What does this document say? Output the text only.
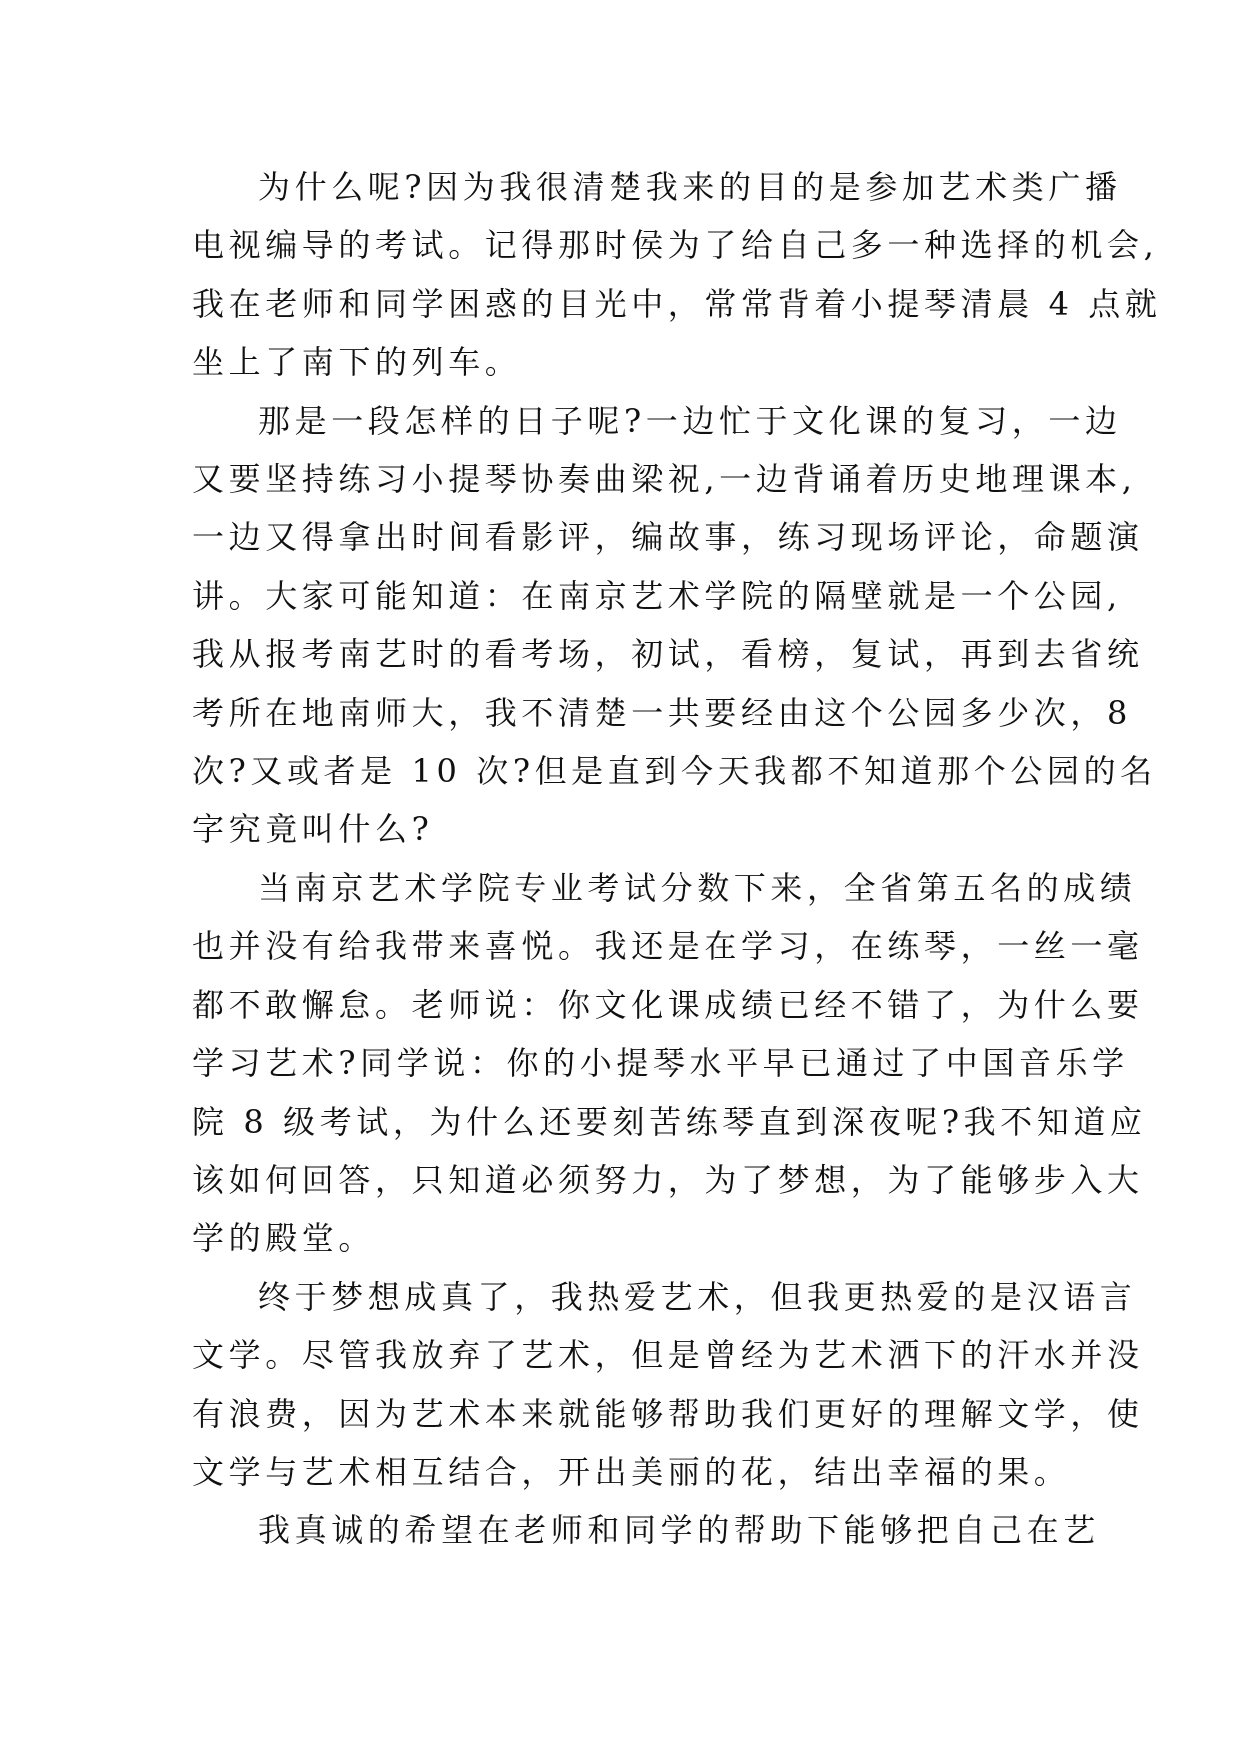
为什么呢?因为我很清楚我来的目的是参加艺术类广播
电视编导的考试。记得那时侯为了给自己多一种选择的机会,
我在老师和同学困惑的目光中，常常背着小提琴清晨 4 点就
坐上了南下的列车。
那是一段怎样的日子呢?一边忙于文化课的复习，一边
又要坚持练习小提琴协奏曲梁祝,一边背诵着历史地理课本,
一边又得拿出时间看影评，编故事，练习现场评论，命题演
讲。大家可能知道：在南京艺术学院的隔壁就是一个公园,
我从报考南艺时的看考场，初试，看榜，复试，再到去省统
考所在地南师大，我不清楚一共要经由这个公园多少次，8
次?又或者是 10 次?但是直到今天我都不知道那个公园的名
字究竟叫什么?
当南京艺术学院专业考试分数下来，全省第五名的成绩
也并没有给我带来喜悦。我还是在学习，在练琴，一丝一毫
都不敢懈怠。老师说：你文化课成绩已经不错了，为什么要
学习艺术?同学说：你的小提琴水平早已通过了中国音乐学
院 8 级考试，为什么还要刻苦练琴直到深夜呢?我不知道应
该如何回答，只知道必须努力，为了梦想，为了能够步入大
学的殿堂。
终于梦想成真了，我热爱艺术，但我更热爱的是汉语言
文学。尽管我放弃了艺术，但是曾经为艺术洒下的汗水并没
有浪费，因为艺术本来就能够帮助我们更好的理解文学，使
文学与艺术相互结合，开出美丽的花，结出幸福的果。
我真诚的希望在老师和同学的帮助下能够把自己在艺
